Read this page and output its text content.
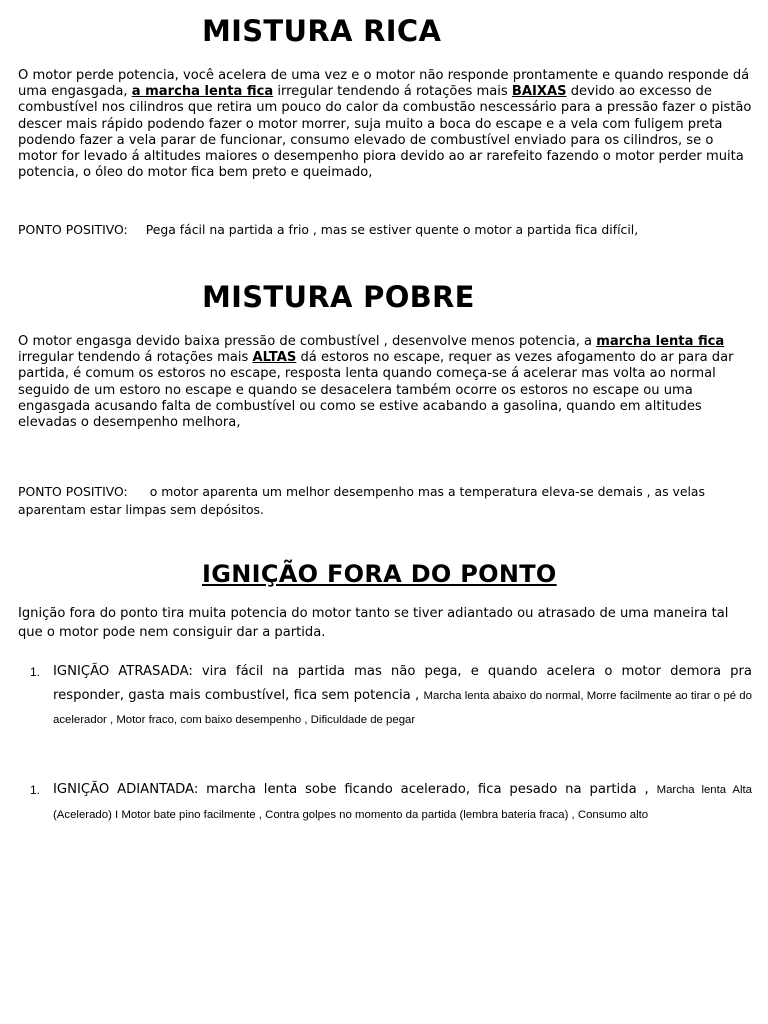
MISTURA RICA

O motor perde potencia, você acelera de uma vez e o motor não responde prontamente e quando responde dá uma engasgada, a marcha lenta fica irregular tendendo á rotações mais BAIXAS devido ao excesso de combustível nos cilindros que retira um pouco do calor da combustão nescessário para a pressão fazer o pistão descer mais rápido podendo fazer o motor morrer, suja muito a boca do escape e a vela com fuligem preta podendo fazer a vela parar de funcionar, consumo elevado de combustível enviado para os cilindros, se o motor for levado á altitudes maiores o desempenho piora devido ao ar rarefeito fazendo o motor perder muita potencia, o óleo do motor fica bem preto e queimado,

PONTO POSITIVO: Pega fácil na partida a frio , mas se estiver quente o motor a partida fica difícil,

MISTURA POBRE

O motor engasga devido baixa pressão de combustível , desenvolve menos potencia, a marcha lenta fica irregular tendendo á rotações mais ALTAS dá estoros no escape, requer as vezes afogamento do ar para dar partida, é comum os estoros no escape, resposta lenta quando começa-se á acelerar mas volta ao normal seguido de um estoro no escape e quando se desacelera também ocorre os estoros no escape ou uma engasgada acusando falta de combustível ou como se estive acabando a gasolina, quando em altitudes elevadas o desempenho melhora,

PONTO POSITIVO: o motor aparenta um melhor desempenho mas a temperatura eleva-se demais , as velas aparentam estar limpas sem depósitos.

IGNIÇÃO FORA DO PONTO

Ignição fora do ponto tira muita potencia do motor tanto se tiver adiantado ou atrasado de uma maneira tal que o motor pode nem consiguir dar a partida.

1. IGNIÇÃO ATRASADA: vira fácil na partida mas não pega, e quando acelera o motor demora pra responder, gasta mais combustível, fica sem potencia , Marcha lenta abaixo do normal, Morre facilmente ao tirar o pé do acelerador , Motor fraco, com baixo desempenho , Dificuldade de pegar
1. IGNIÇÃO ADIANTADA: marcha lenta sobe ficando acelerado, fica pesado na partida , Marcha lenta Alta (Acelerado) I Motor bate pino facilmente , Contra golpes no momento da partida (lembra bateria fraca) , Consumo alto
